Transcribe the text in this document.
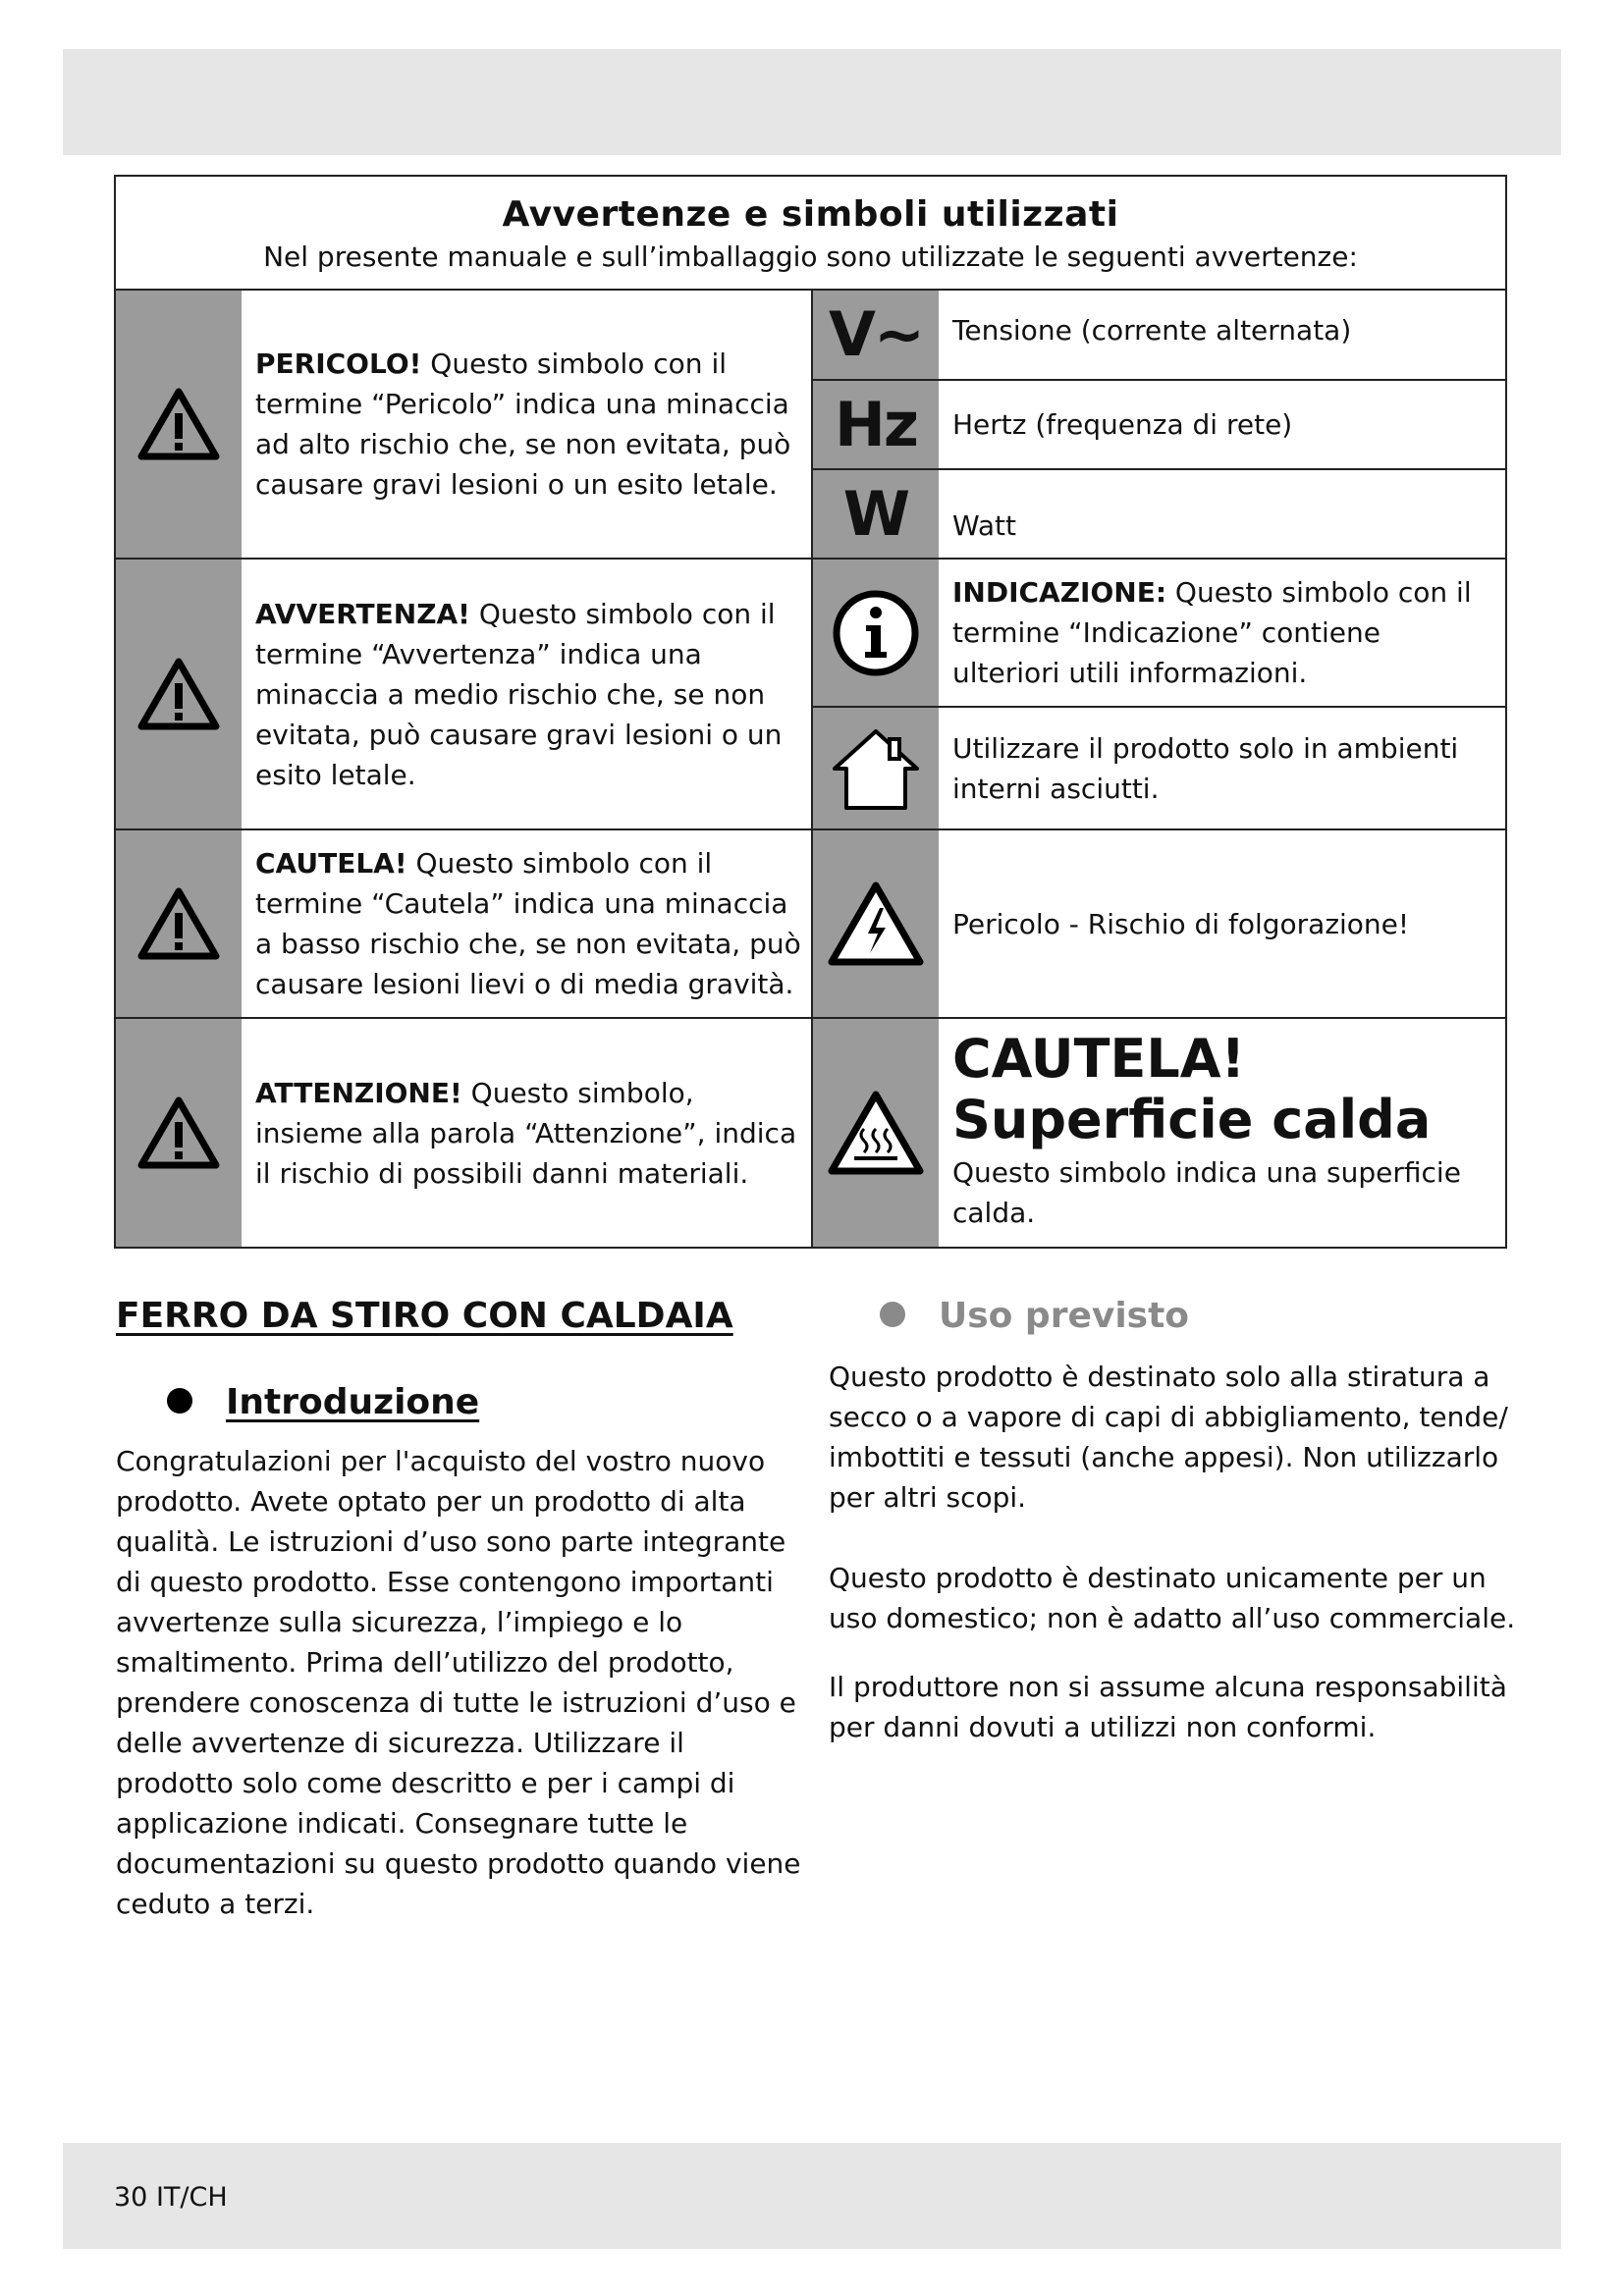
Avvertenze e simboli utilizzati

Nel presente manuale e sull’imballaggio sono utilizzate le seguenti avvertenze:

PERICOLO! Questo simbolo con il termine “Pericolo” indica una minaccia ad alto rischio che, se non evitata, può causare gravi lesioni o un esito letale.
AVVERTENZA! Questo simbolo con il termine “Avvertenza” indica una minaccia a medio rischio che, se non evitata, può causare gravi lesioni o un esito letale.
CAUTELA! Questo simbolo con il termine “Cautela” indica una minaccia a basso rischio che, se non evitata, può causare lesioni lievi o di media gravità.
ATTENZIONE! Questo simbolo, insieme alla parola “Attenzione”, indica il rischio di possibili danni materiali.
V~
Hz
W
Tensione (corrente alternata)
Hertz (frequenza di rete)
Watt
INDICAZIONE: Questo simbolo con il termine “Indicazione” contiene ulteriori utili informazioni.
Utilizzare il prodotto solo in ambienti interni asciutti.
Pericolo - Rischio di folgorazione!
CAUTELA!
Superficie calda
Questo simbolo indica una superficie calda.
FERRO DA STIRO CON CALDAIA
Introduzione

Congratulazioni per l'acquisto del vostro nuovo prodotto. Avete optato per un prodotto di alta qualità. Le istruzioni d’uso sono parte integrante di questo prodotto. Esse contengono importanti avvertenze sulla sicurezza, l’impiego e lo smaltimento. Prima dell’utilizzo del prodotto, prendere conoscenza di tutte le istruzioni d’uso e delle avvertenze di sicurezza. Utilizzare il prodotto solo come descritto e per i campi di applicazione indicati. Consegnare tutte le documentazioni su questo prodotto quando viene ceduto a terzi.

Uso previsto

Questo prodotto è destinato solo alla stiratura a secco o a vapore di capi di abbigliamento, tende/ imbottiti e tessuti (anche appesi). Non utilizzarlo per altri scopi.

Questo prodotto è destinato unicamente per un uso domestico; non è adatto all’uso commerciale.

Il produttore non si assume alcuna responsabilità per danni dovuti a utilizzi non conformi.

30 IT/CH
